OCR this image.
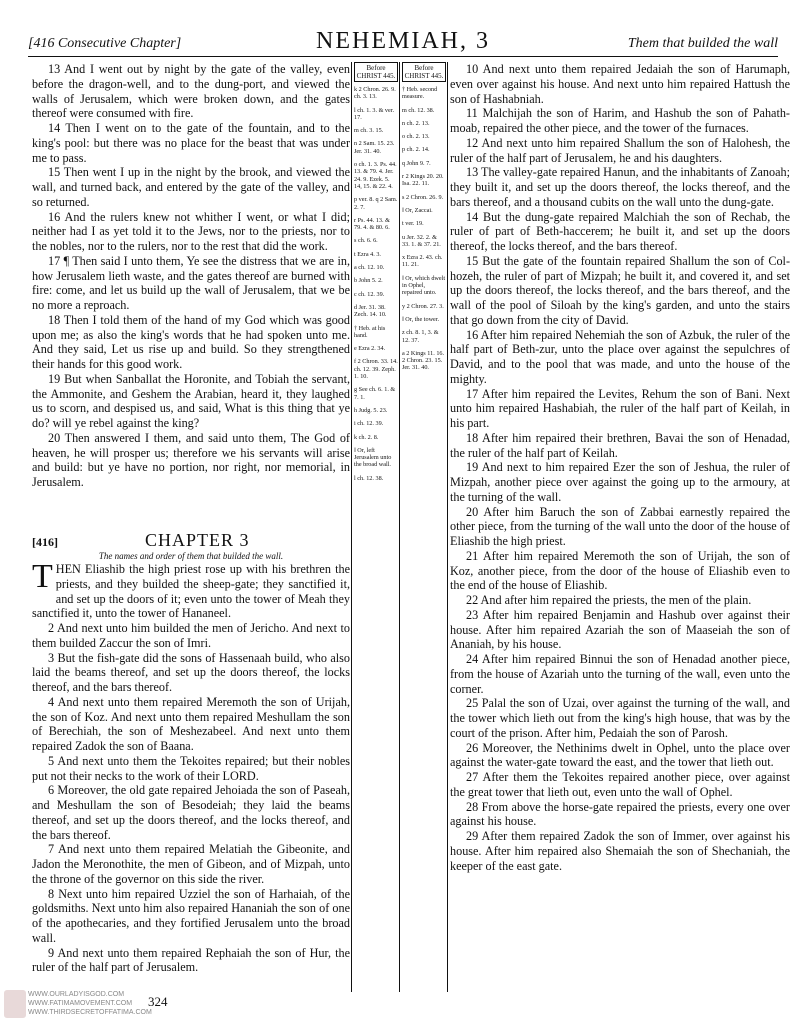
[416 Consecutive Chapter]	NEHEMIAH, 3	Them that builded the wall

13 And I went out by night by the gate of the valley, even before the dragon-well, and to the dung-port, and viewed the walls of Jerusalem, which were broken down, and the gates thereof were consumed with fire.

14 Then I went on to the gate of the fountain, and to the king's pool: but there was no place for the beast that was under me to pass.

15 Then went I up in the night by the brook, and viewed the wall, and turned back, and entered by the gate of the valley, and so returned.

16 And the rulers knew not whither I went, or what I did; neither had I as yet told it to the Jews, nor to the priests, nor to the nobles, nor to the rulers, nor to the rest that did the work.

17 ¶ Then said I unto them, Ye see the distress that we are in, how Jerusalem lieth waste, and the gates thereof are burned with fire: come, and let us build up the wall of Jerusalem, that we be no more a reproach.

18 Then I told them of the hand of my God which was good upon me; as also the king's words that he had spoken unto me. And they said, Let us rise up and build. So they strengthened their hands for this good work.

19 But when Sanballat the Horonite, and Tobiah the servant, the Ammonite, and Geshem the Arabian, heard it, they laughed us to scorn, and despised us, and said, What is this thing that ye do? will ye rebel against the king?

20 Then answered I them, and said unto them, The God of heaven, he will prosper us; therefore we his servants will arise and build: but ye have no portion, nor right, nor memorial, in Jerusalem.

[416]	CHAPTER 3
The names and order of them that builded the wall.

THEN Eliashib the high priest rose up with his brethren the priests, and they builded the sheep-gate; they sanctified it, and set up the doors of it; even unto the tower of Meah they sanctified it, unto the tower of Hananeel.

2 And next unto him builded the men of Jericho. And next to them builded Zaccur the son of Imri.

3 But the fish-gate did the sons of Hassenaah build, who also laid the beams thereof, and set up the doors thereof, the locks thereof, and the bars thereof.

4 And next unto them repaired Meremoth the son of Urijah, the son of Koz. And next unto them repaired Meshullam the son of Berechiah, the son of Meshezabeel. And next unto them repaired Zadok the son of Baana.

5 And next unto them the Tekoites repaired; but their nobles put not their necks to the work of their LORD.

6 Moreover, the old gate repaired Jehoiada the son of Paseah, and Meshullam the son of Besodeiah; they laid the beams thereof, and set up the doors thereof, and the locks thereof, and the bars thereof.

7 And next unto them repaired Melatiah the Gibeonite, and Jadon the Meronothite, the men of Gibeon, and of Mizpah, unto the throne of the governor on this side the river.

8 Next unto him repaired Uzziel the son of Harhaiah, of the goldsmiths. Next unto him also repaired Hananiah the son of one of the apothecaries, and they fortified Jerusalem unto the broad wall.

9 And next unto them repaired Rephaiah the son of Hur, the ruler of the half part of Jerusalem.

Before CHRIST 445.
k 2 Chron. 26. 9. ch. 3. 13.
l ch. 1. 3. & ver. 17.
m ch. 3. 15.
n 2 Sam. 15. 23. Jer. 31. 40.
o ch. 1. 3. Ps. 44. 13. & 79. 4. Jer. 24. 9. Ezek. 5. 14, 15. & 22. 4.
p ver. 8. q 2 Sam. 2. 7.
r Ps. 44. 13. & 79. 4. & 80. 6.
s ch. 6. 6.
t Ezra 4. 3.
a ch. 12. 10.
b John 5. 2.
c ch. 12. 39.
d Jer. 31. 38. Zech. 14. 10.
† Heb. at his hand.
e Ezra 2. 34.
f 2 Chron. 33. 14. ch. 12. 39. Zeph. 1. 10.
g See ch. 6. 1. & 7. 1.
h Judg. 5. 23.
i ch. 12. 39.
k ch. 2. 8.
‖ Or, left Jerusalem unto the broad wall.
l ch. 12. 38.
Before CHRIST 445.
† Heb. second measure.
m ch. 12. 38.
n ch. 2. 13.
o ch. 2. 13.
p ch. 2. 14.
q John 9. 7.
r 2 Kings 20. 20. Isa. 22. 11.
s 2 Chron. 26. 9.
‖ Or, Zaccai.
t ver. 19.
u Jer. 32. 2. & 33. 1. & 37. 21.
x Ezra 2. 43. ch. 11. 21.
‖ Or, which dwelt in Ophel, repaired unto.
y 2 Chron. 27. 3.
‖ Or, the tower.
z ch. 8. 1, 3. & 12. 37.
a 2 Kings 11. 16. 2 Chron. 23. 15. Jer. 31. 40.

10 And next unto them repaired Jedaiah the son of Harumaph, even over against his house. And next unto him repaired Hattush the son of Hashabniah.

11 Malchijah the son of Harim, and Hashub the son of Pahath-moab, repaired the other piece, and the tower of the furnaces.

12 And next unto him repaired Shallum the son of Halohesh, the ruler of the half part of Jerusalem, he and his daughters.

13 The valley-gate repaired Hanun, and the inhabitants of Zanoah; they built it, and set up the doors thereof, the locks thereof, and the bars thereof, and a thousand cubits on the wall unto the dung-gate.

14 But the dung-gate repaired Malchiah the son of Rechab, the ruler of part of Beth-haccerem; he built it, and set up the doors thereof, the locks thereof, and the bars thereof.

15 But the gate of the fountain repaired Shallum the son of Col-hozeh, the ruler of part of Mizpah; he built it, and covered it, and set up the doors thereof, the locks thereof, and the bars thereof, and the wall of the pool of Siloah by the king's garden, and unto the stairs that go down from the city of David.

16 After him repaired Nehemiah the son of Azbuk, the ruler of the half part of Beth-zur, unto the place over against the sepulchres of David, and to the pool that was made, and unto the house of the mighty.

17 After him repaired the Levites, Rehum the son of Bani. Next unto him repaired Hashabiah, the ruler of the half part of Keilah, in his part.

18 After him repaired their brethren, Bavai the son of Henadad, the ruler of the half part of Keilah.

19 And next to him repaired Ezer the son of Jeshua, the ruler of Mizpah, another piece over against the going up to the armoury, at the turning of the wall.

20 After him Baruch the son of Zabbai earnestly repaired the other piece, from the turning of the wall unto the door of the house of Eliashib the high priest.

21 After him repaired Meremoth the son of Urijah, the son of Koz, another piece, from the door of the house of Eliashib even to the end of the house of Eliashib.

22 And after him repaired the priests, the men of the plain.

23 After him repaired Benjamin and Hashub over against their house. After him repaired Azariah the son of Maaseiah the son of Ananiah, by his house.

24 After him repaired Binnui the son of Henadad another piece, from the house of Azariah unto the turning of the wall, even unto the corner.

25 Palal the son of Uzai, over against the turning of the wall, and the tower which lieth out from the king's high house, that was by the court of the prison. After him, Pedaiah the son of Parosh.

26 Moreover, the Nethinims dwelt in Ophel, unto the place over against the water-gate toward the east, and the tower that lieth out.

27 After them the Tekoites repaired another piece, over against the great tower that lieth out, even unto the wall of Ophel.

28 From above the horse-gate repaired the priests, every one over against his house.

29 After them repaired Zadok the son of Immer, over against his house. After him repaired also Shemaiah the son of Shechaniah, the keeper of the east gate.

WWW.OURLADYISGOD.COM
WWW.FATIMAMOVEMENT.COM
WWW.THIRDSECRETOFFATIMA.COM
324
